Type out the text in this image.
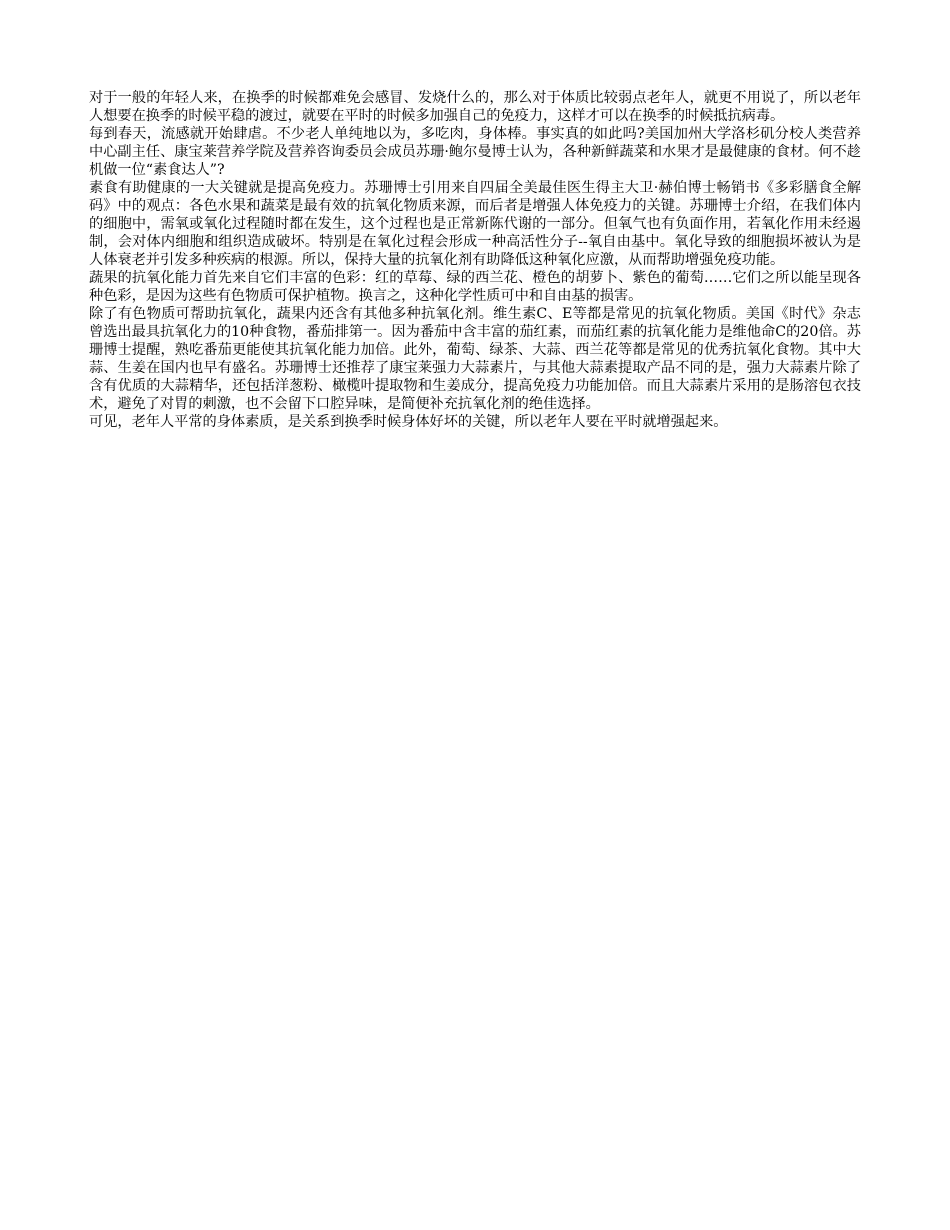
对于一般的年轻人来，在换季的时候都难免会感冒、发烧什么的，那么对于体质比较弱点老年人，就更不用说了，所以老年人想要在换季的时候平稳的渡过，就要在平时的时候多加强自己的免疫力，这样才可以在换季的时候抵抗病毒。

每到春天，流感就开始肆虐。不少老人单纯地以为，多吃肉，身体棒。事实真的如此吗?美国加州大学洛杉矶分校人类营养中心副主任、康宝莱营养学院及营养咨询委员会成员苏珊·鲍尔曼博士认为，各种新鲜蔬菜和水果才是最健康的食材。何不趁机做一位“素食达人”?

素食有助健康的一大关键就是提高免疫力。苏珊博士引用来自四届全美最佳医生得主大卫·赫伯博士畅销书《多彩膳食全解码》中的观点：各色水果和蔬菜是最有效的抗氧化物质来源，而后者是增强人体免疫力的关键。苏珊博士介绍，在我们体内的细胞中，需氧或氧化过程随时都在发生，这个过程也是正常新陈代谢的一部分。但氧气也有负面作用，若氧化作用未经遏制，会对体内细胞和组织造成破坏。特别是在氧化过程会形成一种高活性分子--氧自由基中。氧化导致的细胞损坏被认为是人体衰老并引发多种疾病的根源。所以，保持大量的抗氧化剂有助降低这种氧化应激，从而帮助增强免疫功能。

蔬果的抗氧化能力首先来自它们丰富的色彩：红的草莓、绿的西兰花、橙色的胡萝卜、紫色的葡萄……它们之所以能呈现各种色彩，是因为这些有色物质可保护植物。换言之，这种化学性质可中和自由基的损害。

除了有色物质可帮助抗氧化，蔬果内还含有其他多种抗氧化剂。维生素C、E等都是常见的抗氧化物质。美国《时代》杂志曾选出最具抗氧化力的10种食物，番茄排第一。因为番茄中含丰富的茄红素，而茄红素的抗氧化能力是维他命C的20倍。苏珊博士提醒，熟吃番茄更能使其抗氧化能力加倍。此外，葡萄、绿茶、大蒜、西兰花等都是常见的优秀抗氧化食物。其中大蒜、生姜在国内也早有盛名。苏珊博士还推荐了康宝莱强力大蒜素片，与其他大蒜素提取产品不同的是，强力大蒜素片除了含有优质的大蒜精华，还包括洋葱粉、橄榄叶提取物和生姜成分，提高免疫力功能加倍。而且大蒜素片采用的是肠溶包衣技术，避免了对胃的刺激，也不会留下口腔异味，是简便补充抗氧化剂的绝佳选择。

可见，老年人平常的身体素质，是关系到换季时候身体好坏的关键，所以老年人要在平时就增强起来。
